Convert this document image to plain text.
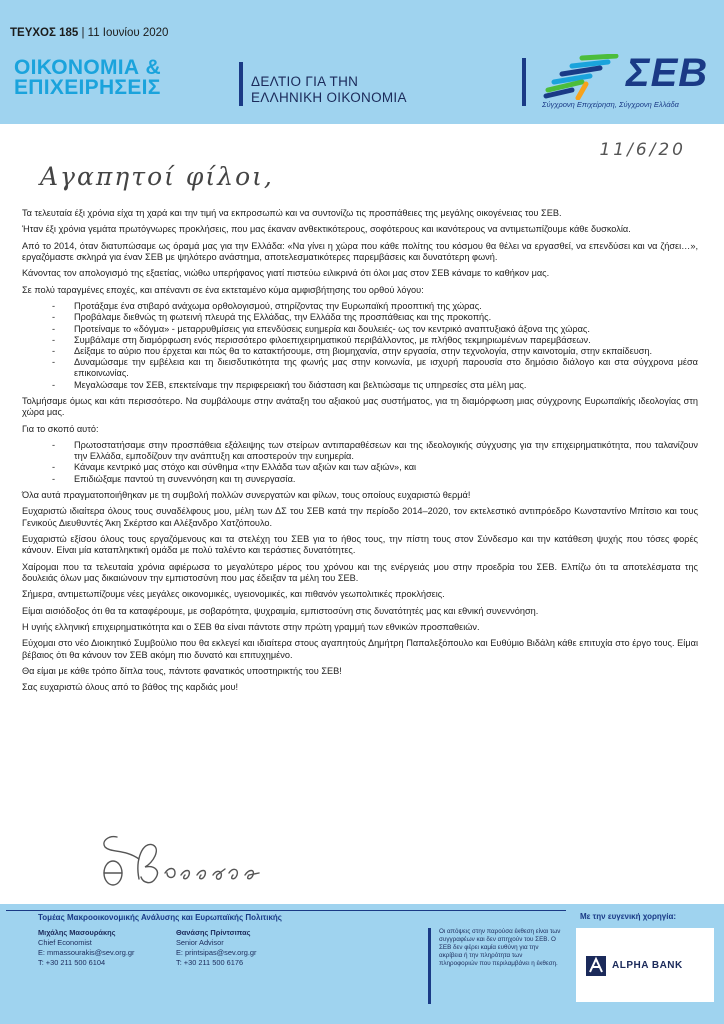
ΤΕΥΧΟΣ 185 | 11 Ιουνίου 2020
ΟΙΚΟΝΟΜΙΑ &
ΕΠΙΧΕΙΡΗΣΕΙΣ	ΔΕΛΤΙΟ ΓΙΑ ΤΗΝ
ΕΛΛΗΝΙΚΗ ΟΙΚΟΝΟΜΙΑ
ΣΕΒ
Σύγχρονη Επιχείρηση, Σύγχρονη Ελλάδα
11/6/20
Αγαπητοί φίλοι,

Τα τελευταία έξι χρόνια είχα τη χαρά και την τιμή να εκπροσωπώ και να συντονίζω τις προσπάθειες της μεγάλης οικογένειας του ΣΕΒ.

Ήταν έξι χρόνια γεμάτα πρωτόγνωρες προκλήσεις, που μας έκαναν ανθεκτικότερους, σοφότερους και ικανότερους να αντιμετωπίζουμε κάθε δυσκολία.

Από το 2014, όταν διατυπώσαμε ως όραμά μας για την Ελλάδα: «Να γίνει η χώρα που κάθε πολίτης του κόσμου θα θέλει να εργασθεί, να επενδύσει και να ζήσει…», εργαζόμαστε σκληρά για έναν ΣΕΒ με ψηλότερο ανάστημα, αποτελεσματικότερες παρεμβάσεις και δυνατότερη φωνή.

Κάνοντας τον απολογισμό της εξαετίας, νιώθω υπερήφανος γιατί πιστεύω ειλικρινά ότι όλοι μας στον ΣΕΒ κάναμε το καθήκον μας.

Σε πολύ ταραγμένες εποχές, και απέναντι σε ένα εκτεταμένο κύμα αμφισβήτησης του ορθού λόγου:

- Προτάξαμε ένα στιβαρό ανάχωμα ορθολογισμού, στηρίζοντας την Ευρωπαϊκή προοπτική της χώρας.
- Προβάλαμε διεθνώς τη φωτεινή πλευρά της Ελλάδας, την Ελλάδα της προσπάθειας και της προκοπής.
- Προτείναμε το «δόγμα» - μεταρρυθμίσεις για επενδύσεις ευημερία και δουλειές- ως τον κεντρικό αναπτυξιακό άξονα της χώρας.
- Συμβάλαμε στη διαμόρφωση ενός περισσότερο φιλοεπιχειρηματικού περιβάλλοντος, με πλήθος τεκμηριωμένων παρεμβάσεων.
- Δείξαμε το αύριο που έρχεται και πώς θα το κατακτήσουμε, στη βιομηχανία, στην εργασία, στην τεχνολογία, στην καινοτομία, στην εκπαίδευση.
- Δυναμώσαμε την εμβέλεια και τη διεισδυτικότητα της φωνής μας στην κοινωνία, με ισχυρή παρουσία στο δημόσιο διάλογο και στα σύγχρονα μέσα επικοινωνίας.
- Μεγαλώσαμε τον ΣΕΒ, επεκτείναμε την περιφερειακή του διάσταση και βελτιώσαμε τις υπηρεσίες στα μέλη μας.

Τολμήσαμε όμως και κάτι περισσότερο. Να συμβάλουμε στην ανάταξη του αξιακού μας συστήματος, για τη διαμόρφωση μιας σύγχρονης Ευρωπαϊκής ιδεολογίας στη χώρα μας.

Για το σκοπό αυτό:

- Πρωτοστατήσαμε στην προσπάθεια εξάλειψης των στείρων αντιπαραθέσεων και της ιδεολογικής σύγχυσης για την επιχειρηματικότητα, που ταλανίζουν την Ελλάδα, εμποδίζουν την ανάπτυξη και αποστερούν την ευημερία.
- Κάναμε κεντρικό μας στόχο και σύνθημα «την Ελλάδα των αξιών και των αξιών», και
- Επιδιώξαμε παντού τη συνεννόηση και τη συνεργασία.

Όλα αυτά πραγματοποιήθηκαν με τη συμβολή πολλών συνεργατών και φίλων, τους οποίους ευχαριστώ θερμά!

Ευχαριστώ ιδιαίτερα όλους τους συναδέλφους μου, μέλη των ΔΣ του ΣΕΒ κατά την περίοδο 2014–2020, τον εκτελεστικό αντιπρόεδρο Κωνσταντίνο Μπίτσιο και τους Γενικούς Διευθυντές Άκη Σκέρτσο και Αλέξανδρο Χατζόπουλο.

Ευχαριστώ εξίσου όλους τους εργαζόμενους και τα στελέχη του ΣΕΒ για το ήθος τους, την πίστη τους στον Σύνδεσμο και την κατάθεση ψυχής που τόσες φορές κάνουν. Είναι μία καταπληκτική ομάδα με πολύ ταλέντο και τεράστιες δυνατότητες.

Χαίρομαι που τα τελευταία χρόνια αφιέρωσα το μεγαλύτερο μέρος του χρόνου και της ενέργειάς μου στην προεδρία του ΣΕΒ. Ελπίζω ότι τα αποτελέσματα της δουλειάς όλων μας δικαιώνουν την εμπιστοσύνη που μας έδειξαν τα μέλη του ΣΕΒ.

Σήμερα, αντιμετωπίζουμε νέες μεγάλες οικονομικές, υγειονομικές, και πιθανόν γεωπολιτικές προκλήσεις.

Είμαι αισιόδοξος ότι θα τα καταφέρουμε, με σοβαρότητα, ψυχραιμία, εμπιστοσύνη στις δυνατότητές μας και εθνική συνεννόηση.

Η υγιής ελληνική επιχειρηματικότητα και ο ΣΕΒ θα είναι πάντοτε στην πρώτη γραμμή των εθνικών προσπαθειών.

Εύχομαι στο νέο Διοικητικό Συμβούλιο που θα εκλεγεί και ιδιαίτερα στους αγαπητούς Δημήτρη Παπαλεξόπουλο και Ευθύμιο Βιδάλη κάθε επιτυχία στο έργο τους. Είμαι βέβαιος ότι θα κάνουν τον ΣΕΒ ακόμη πιο δυνατό και επιτυχημένο.

Θα είμαι με κάθε τρόπο δίπλα τους, πάντοτε φανατικός υποστηρικτής του ΣΕΒ!

Σας ευχαριστώ όλους από το βάθος της καρδιάς μου!

Τομέας Μακροοικονομικής Ανάλυσης και Ευρωπαϊκής Πολιτικής	Με την ευγενική χορηγία:
Μιχάλης Μασουράκης
Chief Economist
E: mmassourakis@sev.org.gr
T: +30 211 500 6104
Θανάσης Πρίντσιπας
Senior Advisor
E: printsipas@sev.org.gr
T: +30 211 500 6176
Οι απόψεις στην παρούσα έκθεση είναι των συγγραφέων και δεν απηχούν του ΣΕΒ. Ο ΣΕΒ δεν φέρει καμία ευθύνη για την ακρίβεια ή την πληρότητα των πληροφοριών που περιλαμβάνει η έκθεση.	ALPHA BANK
